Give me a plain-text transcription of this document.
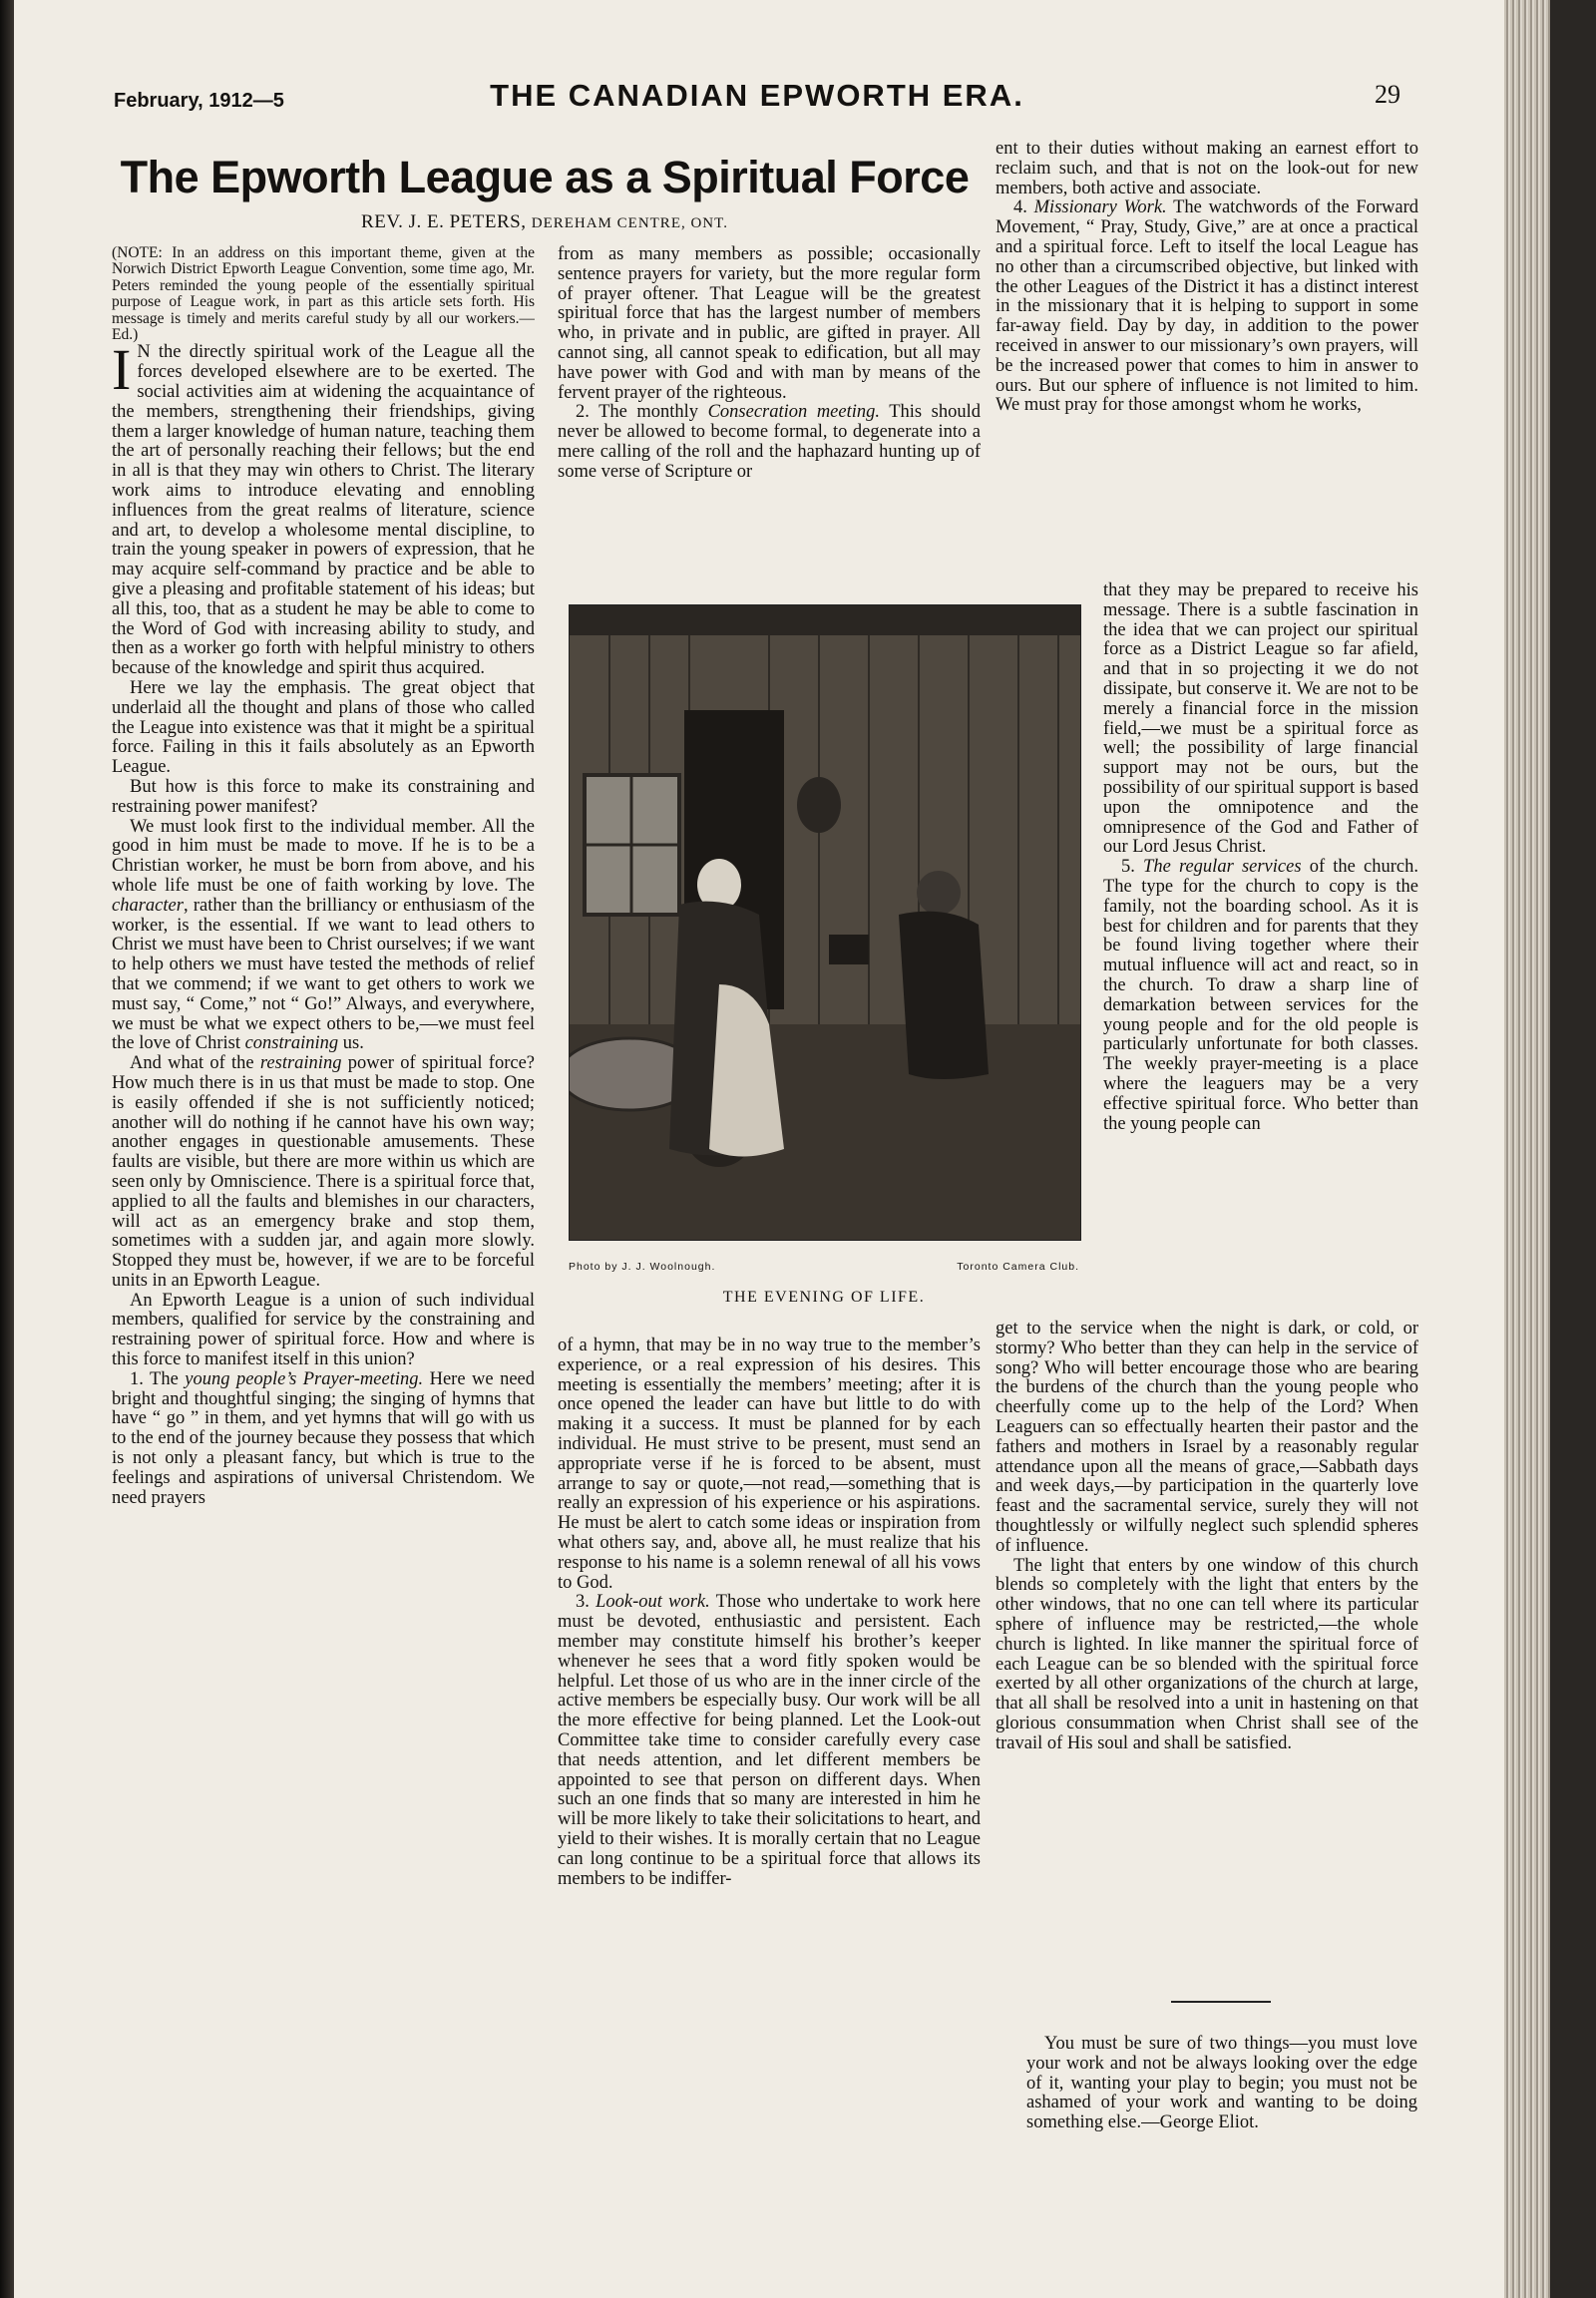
February, 1912—5	THE CANADIAN EPWORTH ERA.	29
The Epworth League as a Spiritual Force
REV. J. E. PETERS, DEREHAM CENTRE, ONT.

(NOTE: In an address on this important theme, given at the Norwich District Epworth League Convention, some time ago, Mr. Peters reminded the young people of the essentially spiritual purpose of League work, in part as this article sets forth. His message is timely and merits careful study by all our workers.—Ed.)

I N the directly spiritual work of the League all the forces developed elsewhere are to be exerted. The social activities aim at widening the acquaintance of the members, strengthening their friendships, giving them a larger knowledge of human nature, teaching them the art of personally reaching their fellows; but the end in all is that they may win others to Christ. The literary work aims to introduce elevating and ennobling influences from the great realms of literature, science and art, to develop a wholesome mental discipline, to train the young speaker in powers of expression, that he may acquire self-command by practice and be able to give a pleasing and profitable statement of his ideas; but all this, too, that as a student he may be able to come to the Word of God with increasing ability to study, and then as a worker go forth with helpful ministry to others because of the knowledge and spirit thus acquired.

Here we lay the emphasis. The great object that underlaid all the thought and plans of those who called the League into existence was that it might be a spiritual force. Failing in this it fails absolutely as an Epworth League.

But how is this force to make its constraining and restraining power manifest?

We must look first to the individual member. All the good in him must be made to move. If he is to be a Christian worker, he must be born from above, and his whole life must be one of faith working by love. The character, rather than the brilliancy or enthusiasm of the worker, is the essential. If we want to lead others to Christ we must have been to Christ ourselves; if we want to help others we must have tested the methods of relief that we commend; if we want to get others to work we must say, “ Come,” not “ Go!” Always, and everywhere, we must be what we expect others to be,—we must feel the love of Christ constraining us.

And what of the restraining power of spiritual force? How much there is in us that must be made to stop. One is easily offended if she is not sufficiently noticed; another will do nothing if he cannot have his own way; another engages in questionable amusements. These faults are visible, but there are more within us which are seen only by Omniscience. There is a spiritual force that, applied to all the faults and blemishes in our characters, will act as an emergency brake and stop them, sometimes with a sudden jar, and again more slowly. Stopped they must be, however, if we are to be forceful units in an Epworth League.

An Epworth League is a union of such individual members, qualified for service by the constraining and restraining power of spiritual force. How and where is this force to manifest itself in this union?

1. The young people’s Prayer-meeting. Here we need bright and thoughtful singing; the singing of hymns that have “ go ” in them, and yet hymns that will go with us to the end of the journey because they possess that which is not only a pleasant fancy, but which is true to the feelings and aspirations of universal Christendom. We need prayers

from as many members as possible; occasionally sentence prayers for variety, but the more regular form of prayer oftener. That League will be the greatest spiritual force that has the largest number of members who, in private and in public, are gifted in prayer. All cannot sing, all cannot speak to edification, but all may have power with God and with man by means of the fervent prayer of the righteous.

2. The monthly Consecration meeting. This should never be allowed to become formal, to degenerate into a mere calling of the roll and the haphazard hunting up of some verse of Scripture or

Photo by J. J. Woolnough.	Toronto Camera Club.
THE EVENING OF LIFE.

of a hymn, that may be in no way true to the member’s experience, or a real expression of his desires. This meeting is essentially the members’ meeting; after it is once opened the leader can have but little to do with making it a success. It must be planned for by each individual. He must strive to be present, must send an appropriate verse if he is forced to be absent, must arrange to say or quote,—not read,—something that is really an expression of his experience or his aspirations. He must be alert to catch some ideas or inspiration from what others say, and, above all, he must realize that his response to his name is a solemn renewal of all his vows to God.

3. Look-out work. Those who undertake to work here must be devoted, enthusiastic and persistent. Each member may constitute himself his brother’s keeper whenever he sees that a word fitly spoken would be helpful. Let those of us who are in the inner circle of the active members be especially busy. Our work will be all the more effective for being planned. Let the Look-out Committee take time to consider carefully every case that needs attention, and let different members be appointed to see that person on different days. When such an one finds that so many are interested in him he will be more likely to take their solicitations to heart, and yield to their wishes. It is morally certain that no League can long continue to be a spiritual force that allows its members to be indiffer-

ent to their duties without making an earnest effort to reclaim such, and that is not on the look-out for new members, both active and associate.

4. Missionary Work. The watchwords of the Forward Movement, “ Pray, Study, Give,” are at once a practical and a spiritual force. Left to itself the local League has no other than a circumscribed objective, but linked with the other Leagues of the District it has a distinct interest in the missionary that it is helping to support in some far-away field. Day by day, in addition to the power received in answer to our missionary’s own prayers, will be the increased power that comes to him in answer to ours. But our sphere of influence is not limited to him. We must pray for those amongst whom he works,

that they may be prepared to receive his message. There is a subtle fascination in the idea that we can project our spiritual force as a District League so far afield, and that in so projecting it we do not dissipate, but conserve it. We are not to be merely a financial force in the mission field,—we must be a spiritual force as well; the possibility of large financial support may not be ours, but the possibility of our spiritual support is based upon the omnipotence and the omnipresence of the God and Father of our Lord Jesus Christ.

5. The regular services of the church. The type for the church to copy is the family, not the boarding school. As it is best for children and for parents that they be found living together where their mutual influence will act and react, so in the church. To draw a sharp line of demarkation between services for the young people and for the old people is particularly unfortunate for both classes. The weekly prayer-meeting is a place where the leaguers may be a very effective spiritual force. Who better than the young people can

get to the service when the night is dark, or cold, or stormy? Who better than they can help in the service of song? Who will better encourage those who are bearing the burdens of the church than the young people who cheerfully come up to the help of the Lord? When Leaguers can so effectually hearten their pastor and the fathers and mothers in Israel by a reasonably regular attendance upon all the means of grace,—Sabbath days and week days,—by participation in the quarterly love feast and the sacramental service, surely they will not thoughtlessly or wilfully neglect such splendid spheres of influence.

The light that enters by one window of this church blends so completely with the light that enters by the other windows, that no one can tell where its particular sphere of influence may be restricted,—the whole church is lighted. In like manner the spiritual force of each League can be so blended with the spiritual force exerted by all other organizations of the church at large, that all shall be resolved into a unit in hastening on that glorious consummation when Christ shall see of the travail of His soul and shall be satisfied.

You must be sure of two things—you must love your work and not be always looking over the edge of it, wanting your play to begin; you must not be ashamed of your work and wanting to be doing something else.—George Eliot.
